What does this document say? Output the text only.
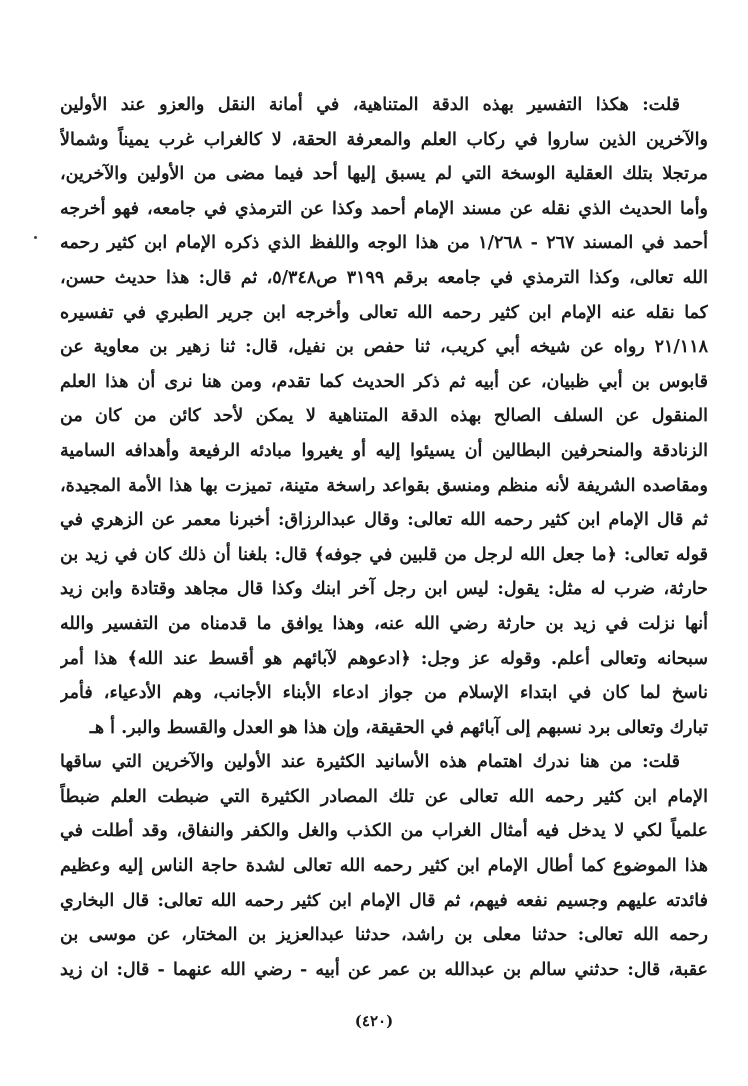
قلت: هكذا التفسير بهذه الدقة المتناهية، في أمانة النقل والعزو عند الأولين
والآخرين الذين ساروا في ركاب العلم والمعرفة الحقة، لا كالغراب غرب يميناً وشمالاً
مرتجلا بتلك العقلية الوسخة التي لم يسبق إليها أحد فيما مضى من الأولين والآخرين،
وأما الحديث الذي نقله عن مسند الإمام أحمد وكذا عن الترمذي في جامعه، فهو أخرجه
أحمد في المسند ٢٦٧ - ١/٢٦٨ من هذا الوجه واللفظ الذي ذكره الإمام ابن كثير رحمه
الله تعالى، وكذا الترمذي في جامعه برقم ٣١٩٩ ص٥/٣٤٨، ثم قال: هذا حديث حسن،
كما نقله عنه الإمام ابن كثير رحمه الله تعالى وأخرجه ابن جرير الطبري في تفسيره
٢١/١١٨ رواه عن شيخه أبي كريب، ثنا حفص بن نفيل، قال: ثنا زهير بن معاوية عن
قابوس بن أبي ظبيان، عن أبيه ثم ذكر الحديث كما تقدم، ومن هنا نرى أن هذا العلم
المنقول عن السلف الصالح بهذه الدقة المتناهية لا يمكن لأحد كائن من كان من
الزنادقة والمنحرفين البطالين أن يسيئوا إليه أو يغيروا مبادئه الرفيعة وأهدافه السامية
ومقاصده الشريفة لأنه منظم ومنسق بقواعد راسخة متينة، تميزت بها هذا الأمة المجيدة،
ثم قال الإمام ابن كثير رحمه الله تعالى: وقال عبدالرزاق: أخبرنا معمر عن الزهري في
قوله تعالى: ﴿ما جعل الله لرجل من قلبين في جوفه﴾ قال: بلغنا أن ذلك كان في زيد بن
حارثة، ضرب له مثل: يقول: ليس ابن رجل آخر ابنك وكذا قال مجاهد وقتادة وابن زيد
أنها نزلت في زيد بن حارثة رضي الله عنه، وهذا يوافق ما قدمناه من التفسير والله
سبحانه وتعالى أعلم. وقوله عز وجل: ﴿ادعوهم لآبائهم هو أقسط عند الله﴾ هذا أمر
ناسخ لما كان في ابتداء الإسلام من جواز ادعاء الأبناء الأجانب، وهم الأدعياء، فأمر
تبارك وتعالى برد نسبهم إلى آبائهم في الحقيقة، وإن هذا هو العدل والقسط والبر. أ هـ
قلت: من هنا ندرك اهتمام هذه الأسانيد الكثيرة عند الأولين والآخرين التي ساقها
الإمام ابن كثير رحمه الله تعالى عن تلك المصادر الكثيرة التي ضبطت العلم ضبطاً
علمياً لكي لا يدخل فيه أمثال الغراب من الكذب والغل والكفر والنفاق، وقد أطلت في
هذا الموضوع كما أطال الإمام ابن كثير رحمه الله تعالى لشدة حاجة الناس إليه وعظيم
فائدته عليهم وجسيم نفعه فيهم، ثم قال الإمام ابن كثير رحمه الله تعالى: قال البخاري
رحمه الله تعالى: حدثنا معلى بن راشد، حدثنا عبدالعزيز بن المختار، عن موسى بن
عقبة، قال: حدثني سالم بن عبدالله بن عمر عن أبيه - رضي الله عنهما - قال: ان زيد
(٤٢٠)
